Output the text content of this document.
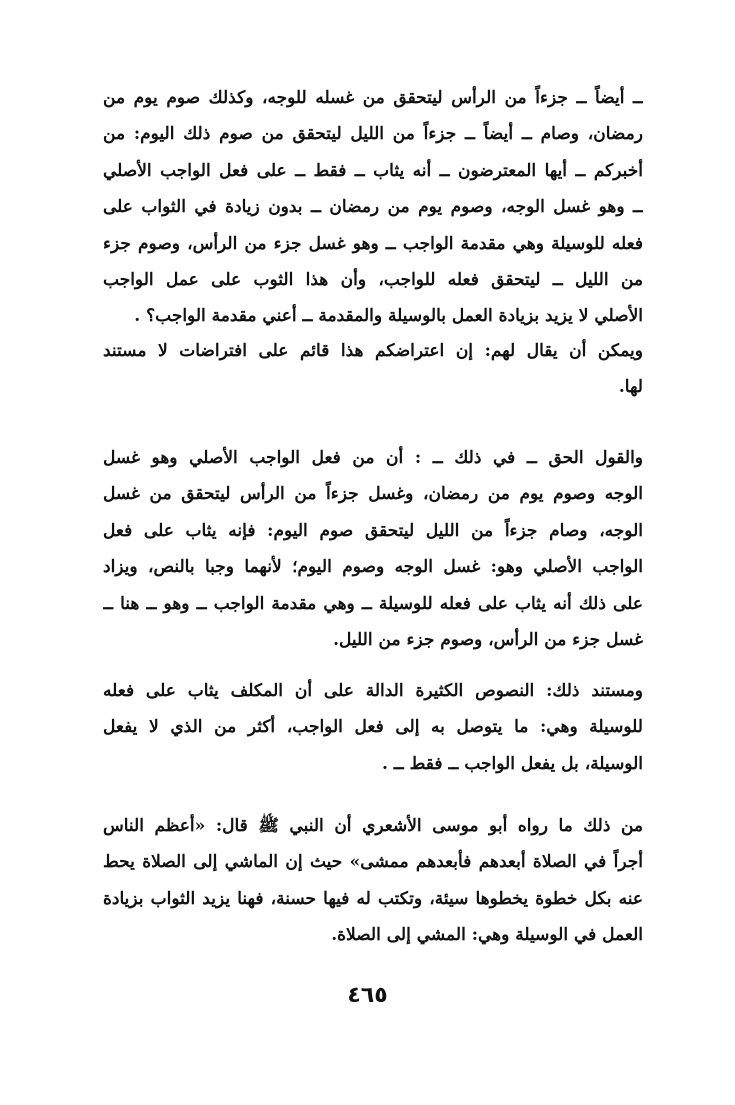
ــ أيضاً ــ جزءاً من الرأس ليتحقق من غسله للوجه، وكذلك صوم يوم من
رمضان، وصام ــ أيضاً ــ جزءاً من الليل ليتحقق من صوم ذلك اليوم: من
أخبركم ــ أيها المعترضون ــ أنه يثاب ــ فقط ــ على فعل الواجب الأصلي
ــ وهو غسل الوجه، وصوم يوم من رمضان ــ بدون زيادة في الثواب على
فعله للوسيلة وهي مقدمة الواجب ــ وهو غسل جزء من الرأس، وصوم جزء
من الليل ــ ليتحقق فعله للواجب، وأن هذا الثوب على عمل الواجب
الأصلي لا يزيد بزيادة العمل بالوسيلة والمقدمة ــ أعني مقدمة الواجب؟ .
ويمكن أن يقال لهم: إن اعتراضكم هذا قائم على افتراضات لا مستند
لها.
والقول الحق ــ في ذلك ــ : أن من فعل الواجب الأصلي وهو غسل
الوجه وصوم يوم من رمضان، وغسل جزءاً من الرأس ليتحقق من غسل
الوجه، وصام جزءاً من الليل ليتحقق صوم اليوم: فإنه يثاب على فعل
الواجب الأصلي وهو: غسل الوجه وصوم اليوم؛ لأنهما وجبا بالنص، ويزاد
على ذلك أنه يثاب على فعله للوسيلة ــ وهي مقدمة الواجب ــ وهو ــ هنا ــ
غسل جزء من الرأس، وصوم جزء من الليل.
ومستند ذلك: النصوص الكثيرة الدالة على أن المكلف يثاب على فعله
للوسيلة وهي: ما يتوصل به إلى فعل الواجب، أكثر من الذي لا يفعل
الوسيلة، بل يفعل الواجب ــ فقط ــ .
من ذلك ما رواه أبو موسى الأشعري أن النبي ﷺ قال: «أعظم الناس
أجراً في الصلاة أبعدهم فأبعدهم ممشى» حيث إن الماشي إلى الصلاة يحط
عنه بكل خطوة يخطوها سيئة، وتكتب له فيها حسنة، فهنا يزيد الثواب بزيادة
العمل في الوسيلة وهي: المشي إلى الصلاة.
٤٦٥
